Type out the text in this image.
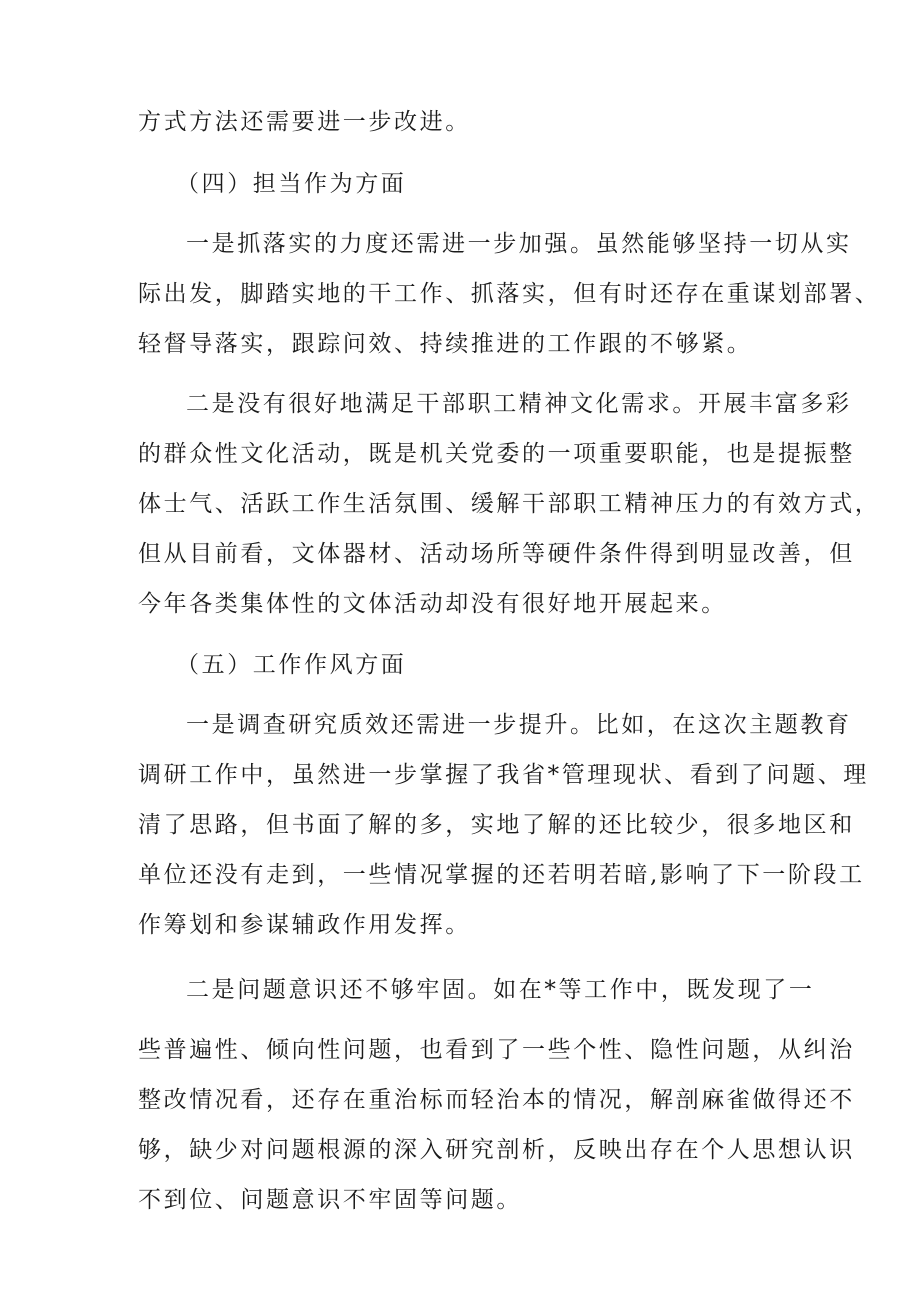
方式方法还需要进一步改进。
（四）担当作为方面
一是抓落实的力度还需进一步加强。虽然能够坚持一切从实
际出发，脚踏实地的干工作、抓落实，但有时还存在重谋划部署、
轻督导落实，跟踪问效、持续推进的工作跟的不够紧。
二是没有很好地满足干部职工精神文化需求。开展丰富多彩
的群众性文化活动，既是机关党委的一项重要职能，也是提振整
体士气、活跃工作生活氛围、缓解干部职工精神压力的有效方式，
但从目前看，文体器材、活动场所等硬件条件得到明显改善，但
今年各类集体性的文体活动却没有很好地开展起来。
（五）工作作风方面
一是调查研究质效还需进一步提升。比如，在这次主题教育
调研工作中，虽然进一步掌握了我省*管理现状、看到了问题、理
清了思路，但书面了解的多，实地了解的还比较少，很多地区和
单位还没有走到，一些情况掌握的还若明若暗,影响了下一阶段工
作筹划和参谋辅政作用发挥。
二是问题意识还不够牢固。如在*等工作中，既发现了一
些普遍性、倾向性问题，也看到了一些个性、隐性问题，从纠治
整改情况看，还存在重治标而轻治本的情况，解剖麻雀做得还不
够，缺少对问题根源的深入研究剖析，反映出存在个人思想认识
不到位、问题意识不牢固等问题。
